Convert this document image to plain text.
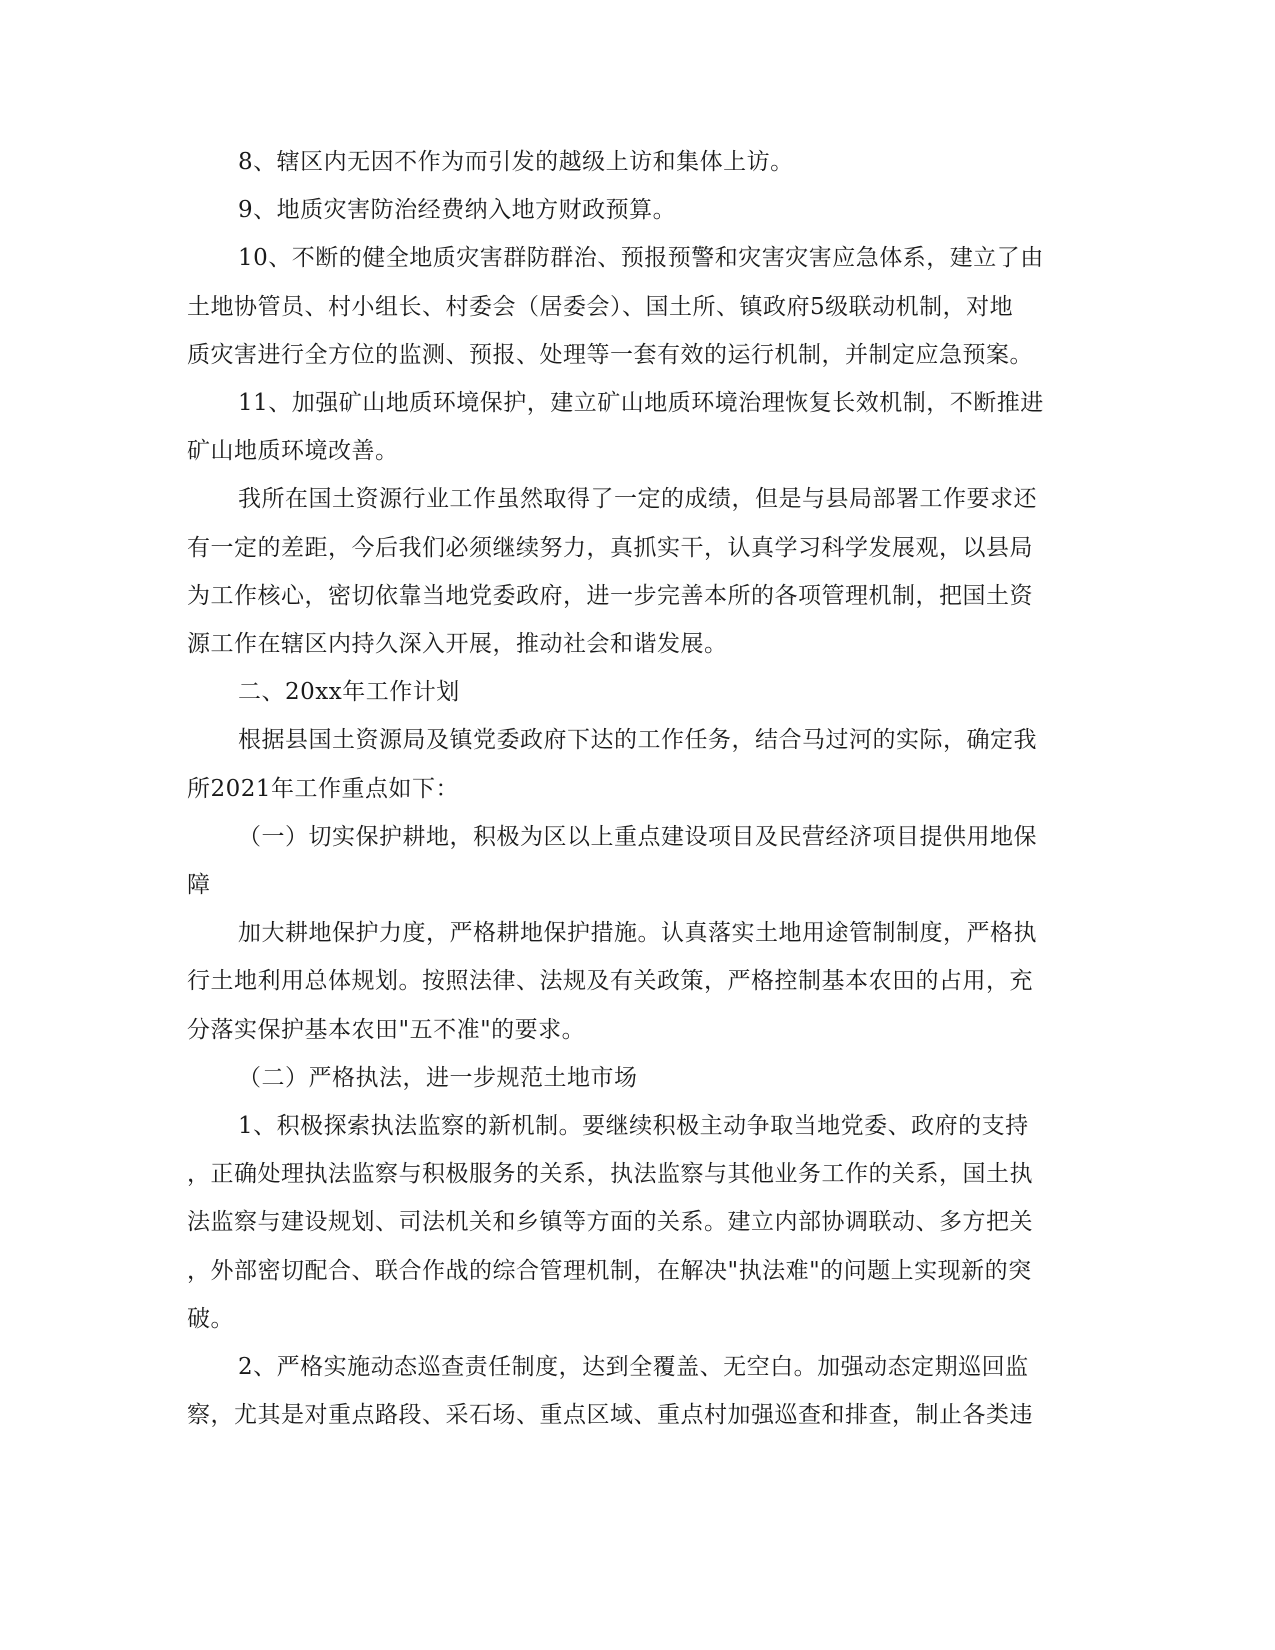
8、辖区内无因不作为而引发的越级上访和集体上访。

9、地质灾害防治经费纳入地方财政预算。

10、不断的健全地质灾害群防群治、预报预警和灾害灾害应急体系，建立了由
土地协管员、村小组长、村委会（居委会）、国土所、镇政府5级联动机制，对地
质灾害进行全方位的监测、预报、处理等一套有效的运行机制，并制定应急预案。

11、加强矿山地质环境保护，建立矿山地质环境治理恢复长效机制，不断推进
矿山地质环境改善。

我所在国土资源行业工作虽然取得了一定的成绩，但是与县局部署工作要求还
有一定的差距，今后我们必须继续努力，真抓实干，认真学习科学发展观，以县局
为工作核心，密切依靠当地党委政府，进一步完善本所的各项管理机制，把国土资
源工作在辖区内持久深入开展，推动社会和谐发展。

二、20xx年工作计划

根据县国土资源局及镇党委政府下达的工作任务，结合马过河的实际，确定我
所2021年工作重点如下：

（一）切实保护耕地，积极为区以上重点建设项目及民营经济项目提供用地保
障

加大耕地保护力度，严格耕地保护措施。认真落实土地用途管制制度，严格执
行土地利用总体规划。按照法律、法规及有关政策，严格控制基本农田的占用，充
分落实保护基本农田"五不准"的要求。

（二）严格执法，进一步规范土地市场

1、积极探索执法监察的新机制。要继续积极主动争取当地党委、政府的支持
，正确处理执法监察与积极服务的关系，执法监察与其他业务工作的关系，国土执
法监察与建设规划、司法机关和乡镇等方面的关系。建立内部协调联动、多方把关
，外部密切配合、联合作战的综合管理机制，在解决"执法难"的问题上实现新的突
破。

2、严格实施动态巡查责任制度，达到全覆盖、无空白。加强动态定期巡回监
察，尤其是对重点路段、采石场、重点区域、重点村加强巡查和排查，制止各类违
